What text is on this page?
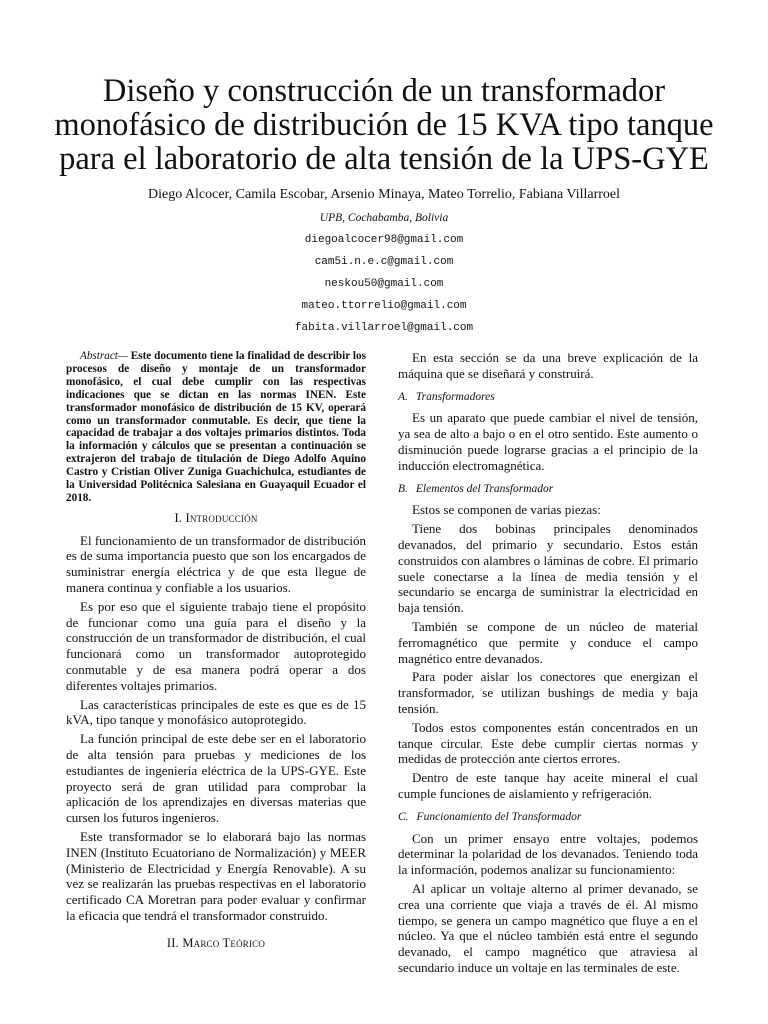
Diseño y construcción de un transformador
monofásico de distribución de 15 KVA tipo tanque
para el laboratorio de alta tensión de la UPS-GYE
Diego Alcocer, Camila Escobar, Arsenio Minaya, Mateo Torrelio, Fabiana Villarroel
UPB, Cochabamba, Bolivia
diegoalcocer98@gmail.com
cam5i.n.e.c@gmail.com
neskou50@gmail.com
mateo.ttorrelio@gmail.com
fabita.villarroel@gmail.com

Abstract— Este documento tiene la finalidad de describir los procesos de diseño y montaje de un transformador monofásico, el cual debe cumplir con las respectivas indicaciones que se dictan en las normas INEN. Este transformador monofásico de distribución de 15 KV, operará como un transformador conmutable. Es decir, que tiene la capacidad de trabajar a dos voltajes primarios distintos. Toda la información y cálculos que se presentan a continuación se extrajeron del trabajo de titulación de Diego Adolfo Aquino Castro y Cristian Oliver Zuniga Guachichulca, estudiantes de la Universidad Politécnica Salesiana en Guayaquil Ecuador el 2018.

I. Introducción

El funcionamiento de un transformador de distribución es de suma importancia puesto que son los encargados de suministrar energía eléctrica y de que esta llegue de manera continua y confiable a los usuarios.

Es por eso que el siguiente trabajo tiene el propósito de funcionar como una guía para el diseño y la construcción de un transformador de distribución, el cual funcionará como un transformador autoprotegido conmutable y de esa manera podrá operar a dos diferentes voltajes primarios.

Las características principales de este es que es de 15 kVA, tipo tanque y monofásico autoprotegido.

La función principal de este debe ser en el laboratorio de alta tensión para pruebas y mediciones de los estudiantes de ingeniería eléctrica de la UPS-GYE. Este proyecto será de gran utilidad para comprobar la aplicación de los aprendizajes en diversas materias que cursen los futuros ingenieros.

Este transformador se lo elaborará bajo las normas INEN (Instituto Ecuatoriano de Normalización) y MEER (Ministerio de Electricidad y Energía Renovable). A su vez se realizarán las pruebas respectivas en el laboratorio certificado CA Moretran para poder evaluar y confirmar la eficacia que tendrá el transformador construido.

II. Marco Teórico

En esta sección se da una breve explicación de la máquina que se diseñará y construirá.

A. Transformadores

Es un aparato que puede cambiar el nivel de tensión, ya sea de alto a bajo o en el otro sentido. Este aumento o disminución puede lograrse gracias a el principio de la inducción electromagnética.

B. Elementos del Transformador

Estos se componen de varias piezas:

Tiene dos bobinas principales denominados devanados, del primario y secundario. Estos están construidos con alambres o láminas de cobre. El primario suele conectarse a la línea de media tensión y el secundario se encarga de suministrar la electricidad en baja tensión.

También se compone de un núcleo de material ferromagnético que permite y conduce el campo magnético entre devanados.

Para poder aislar los conectores que energizan el transformador, se utilizan bushings de media y baja tensión.

Todos estos componentes están concentrados en un tanque circular. Este debe cumplir ciertas normas y medidas de protección ante ciertos errores.

Dentro de este tanque hay aceite mineral el cual cumple funciones de aislamiento y refrigeración.

C. Funcionamiento del Transformador

Con un primer ensayo entre voltajes, podemos determinar la polaridad de los devanados. Teniendo toda la información, podemos analizar su funcionamiento:

Al aplicar un voltaje alterno al primer devanado, se crea una corriente que viaja a través de él. Al mismo tiempo, se genera un campo magnético que fluye a en el núcleo. Ya que el núcleo también está entre el segundo devanado, el campo magnético que atraviesa al secundario induce un voltaje en las terminales de este.
